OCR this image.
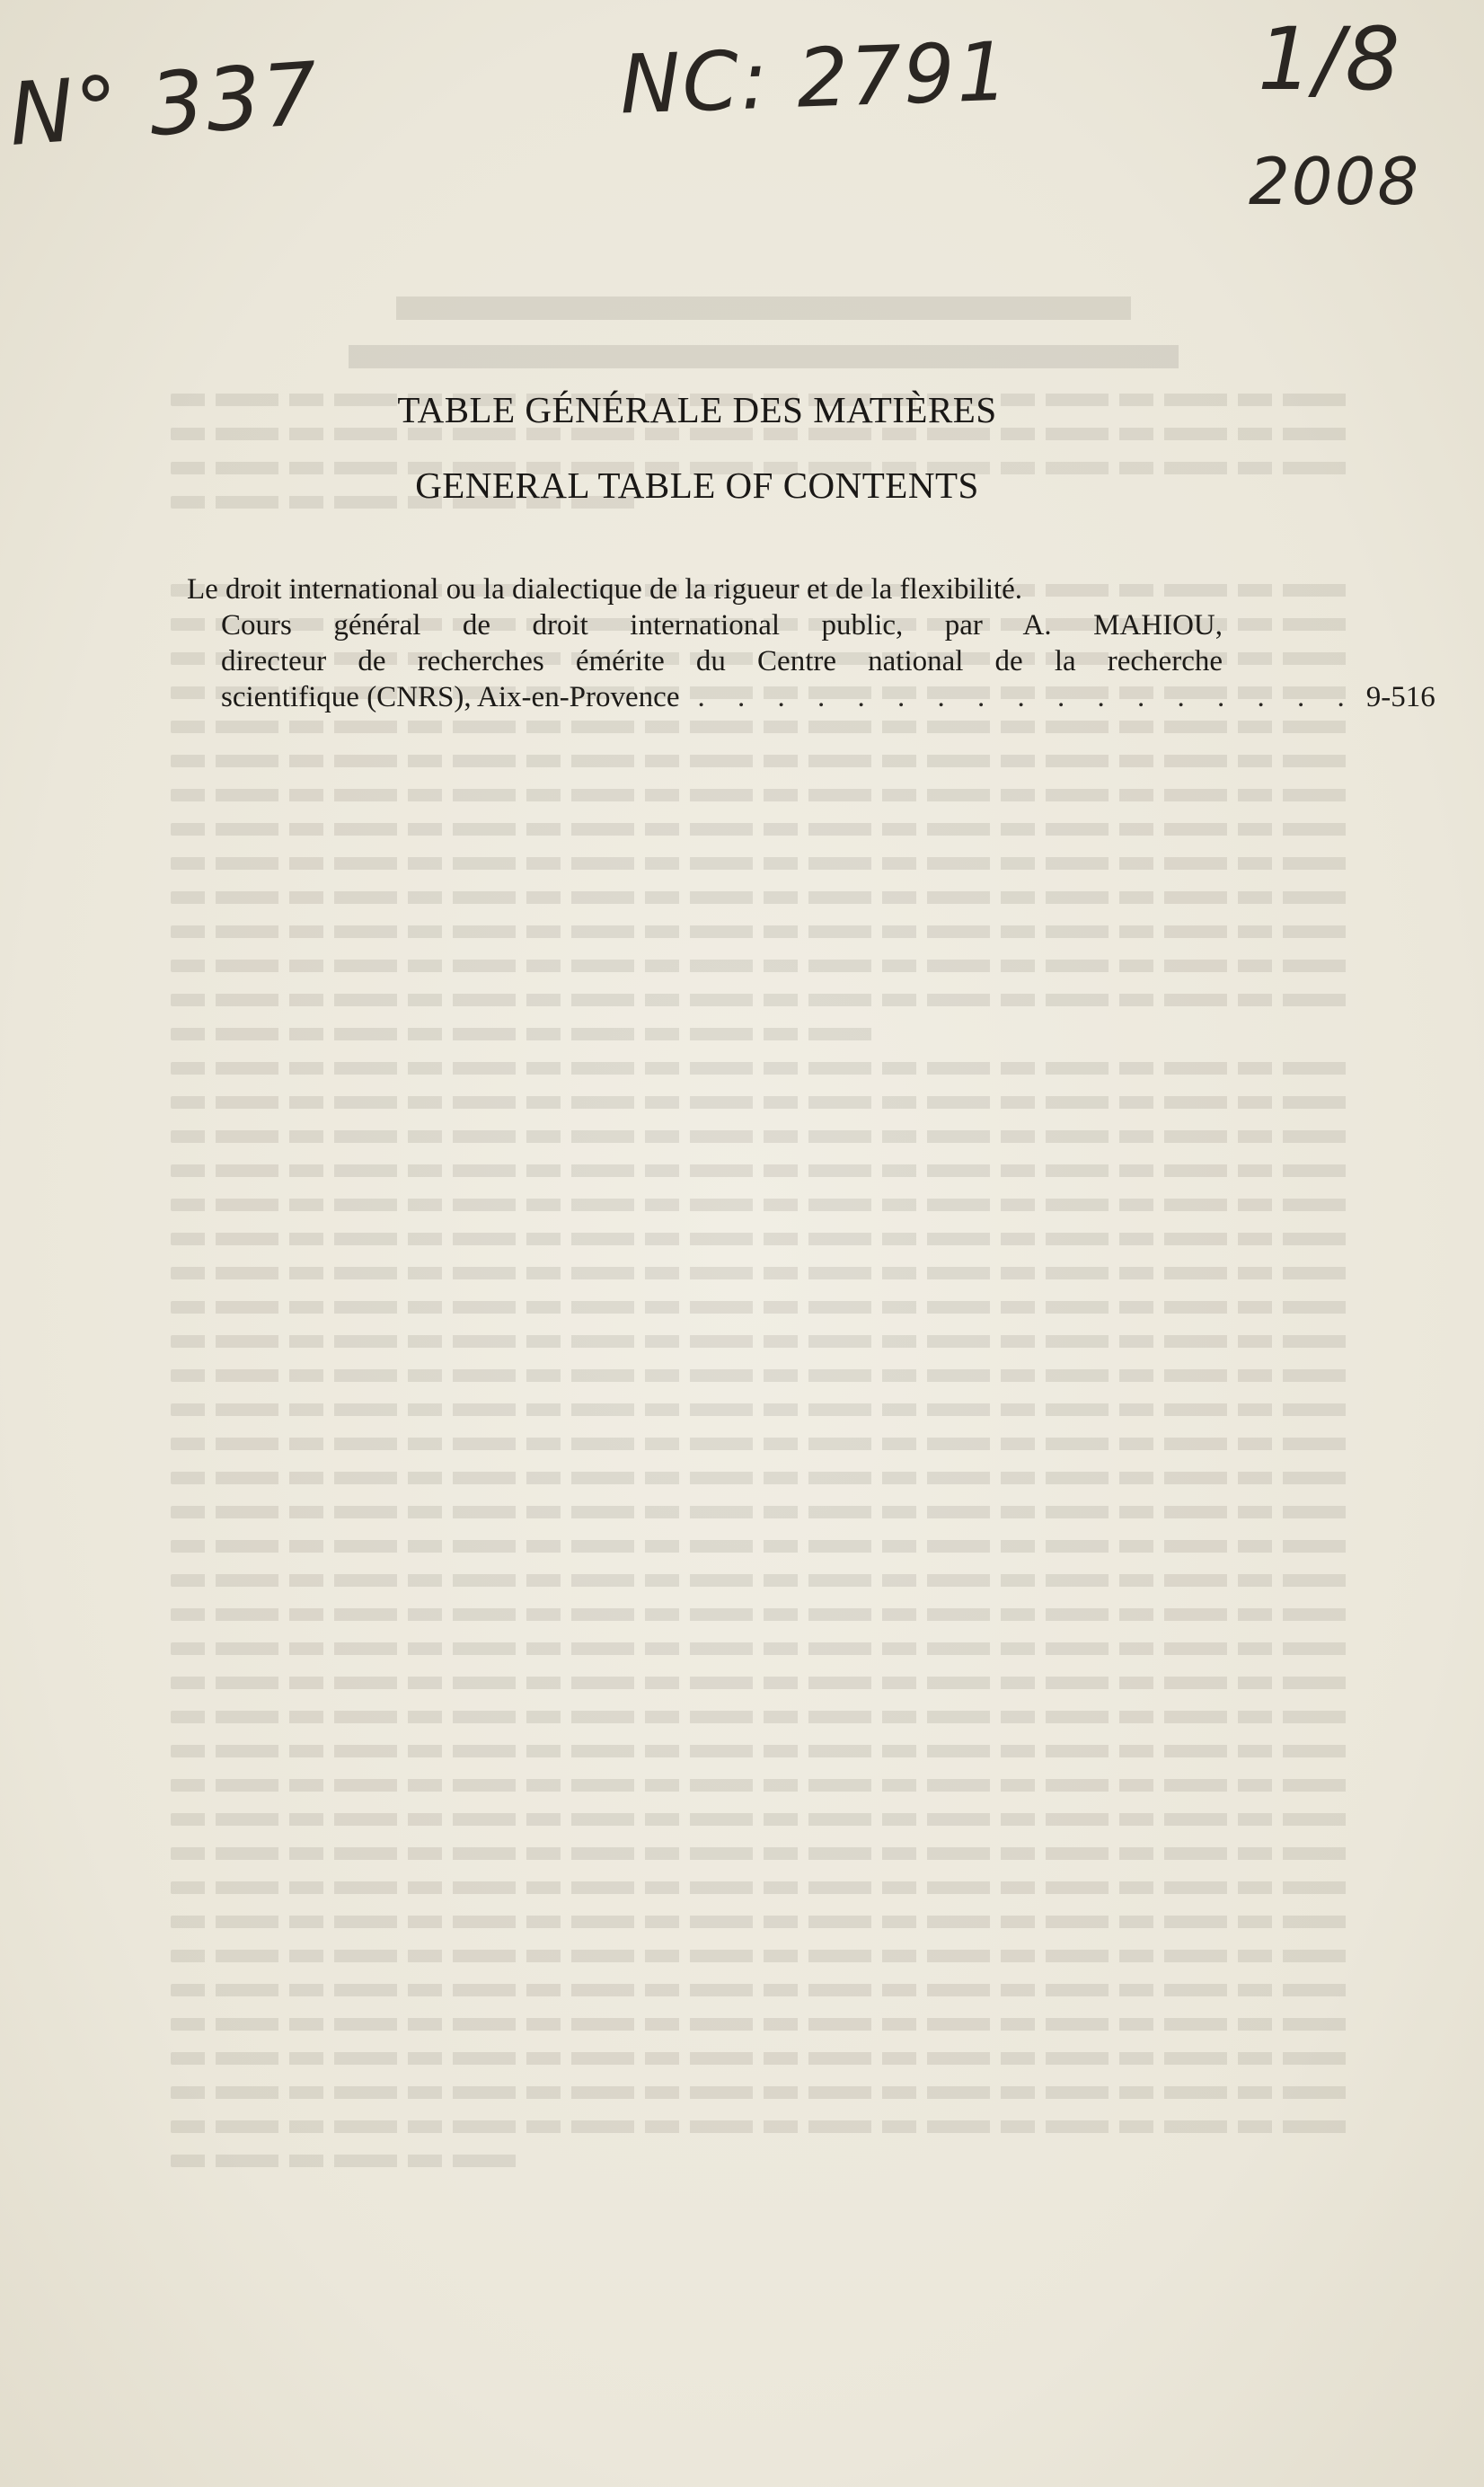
N° 337	NC: 2791	1/8
2008
TABLE GÉNÉRALE DES MATIÈRES
GENERAL TABLE OF CONTENTS
Le droit international ou la dialectique de la rigueur et de la flexibilité.
Cours général de droit international public, par A. MAHIOU,
directeur de recherches émérite du Centre national de la recherche
scientifique (CNRS), Aix-en-Provence . . . . . . . . . . . . . . . . . 9-516
